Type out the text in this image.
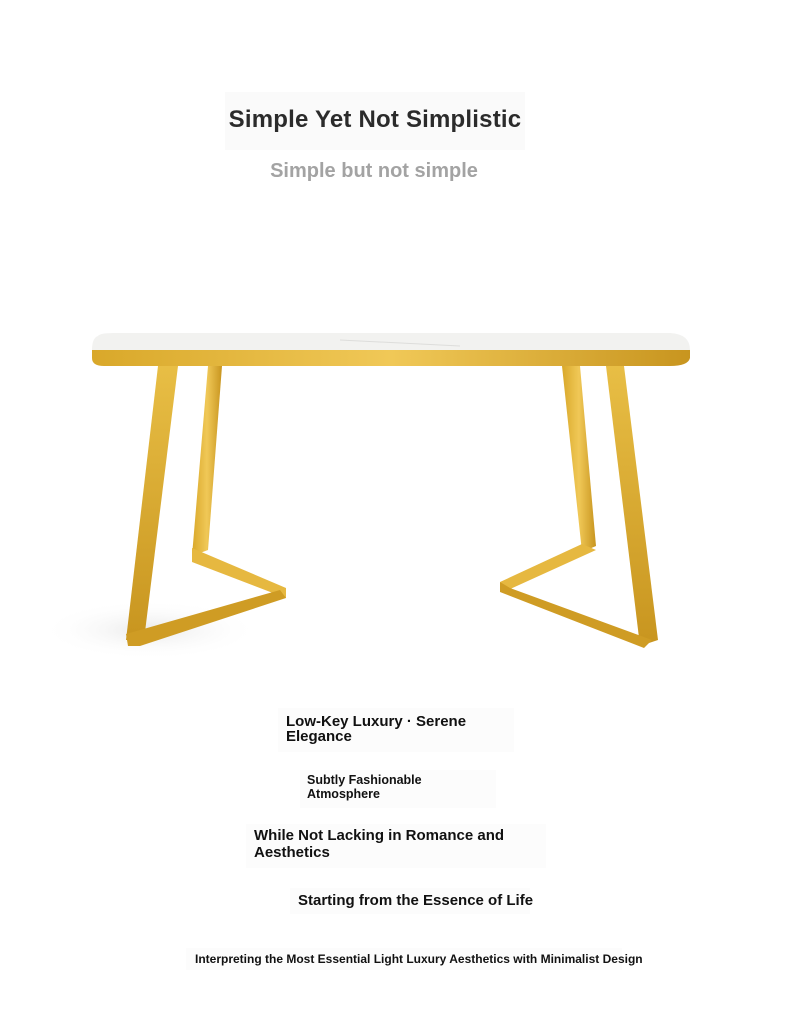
Simple Yet Not Simplistic
Simple but not simple
Low-Key Luxury · Serene Elegance
Subtly Fashionable Atmosphere
While Not Lacking in Romance and Aesthetics
Starting from the Essence of Life
Interpreting the Most Essential Light Luxury Aesthetics with Minimalist Design
